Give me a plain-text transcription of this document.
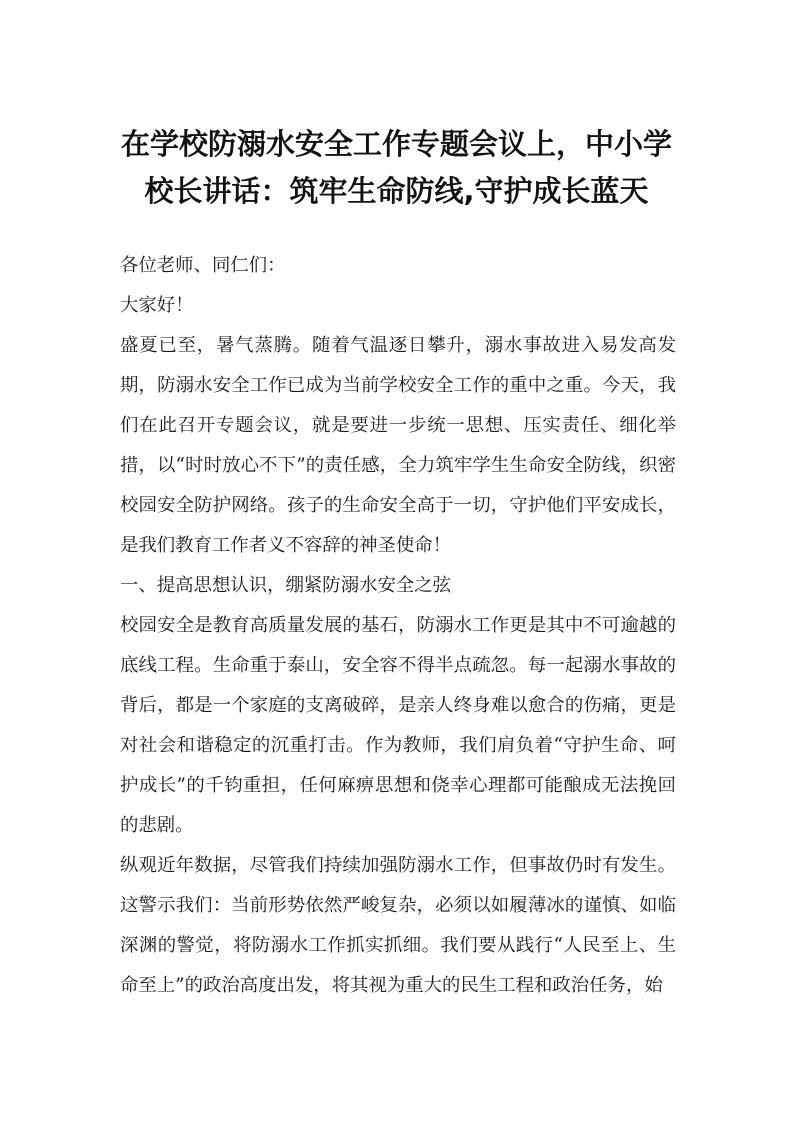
在学校防溺水安全工作专题会议上，中小学
校长讲话：筑牢生命防线,守护成长蓝天

各位老师、同仁们：

大家好！

盛夏已至，暑气蒸腾。随着气温逐日攀升，溺水事故进入易发高发期，防溺水安全工作已成为当前学校安全工作的重中之重。今天，我们在此召开专题会议，就是要进一步统一思想、压实责任、细化举措，以“时时放心不下”的责任感，全力筑牢学生生命安全防线，织密校园安全防护网络。孩子的生命安全高于一切，守护他们平安成长，是我们教育工作者义不容辞的神圣使命！

一、提高思想认识，绷紧防溺水安全之弦

校园安全是教育高质量发展的基石，防溺水工作更是其中不可逾越的底线工程。生命重于泰山，安全容不得半点疏忽。每一起溺水事故的背后，都是一个家庭的支离破碎，是亲人终身难以愈合的伤痛，更是对社会和谐稳定的沉重打击。作为教师，我们肩负着“守护生命、呵护成长”的千钧重担，任何麻痹思想和侥幸心理都可能酿成无法挽回的悲剧。

纵观近年数据，尽管我们持续加强防溺水工作，但事故仍时有发生。这警示我们：当前形势依然严峻复杂，必须以如履薄冰的谨慎、如临深渊的警觉，将防溺水工作抓实抓细。我们要从践行“人民至上、生命至上”的政治高度出发，将其视为重大的民生工程和政治任务，始
